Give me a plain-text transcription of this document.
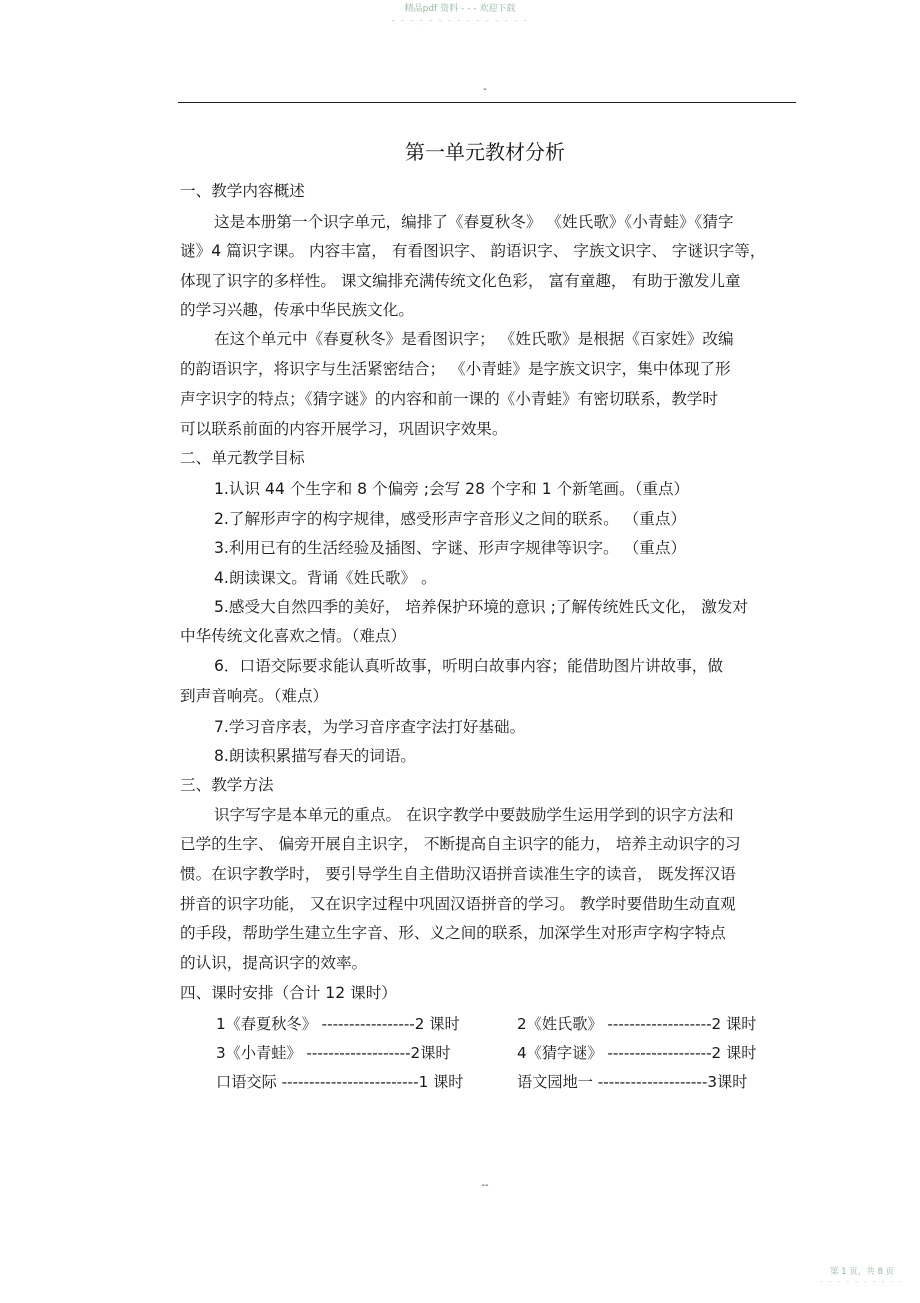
精品pdf 资料 - - - 欢迎下载
- - - - - - - - - - - - - - -
-
第一单元教材分析
一、教学内容概述
这是本册第一个识字单元，编排了《春夏秋冬》 《姓氏歌》《小青蛙》《猜字
谜》4 篇识字课。 内容丰富， 有看图识字、 韵语识字、 字族文识字、 字谜识字等，
体现了识字的多样性。 课文编排充满传统文化色彩， 富有童趣， 有助于激发儿童
的学习兴趣，传承中华民族文化。
在这个单元中《春夏秋冬》是看图识字； 《姓氏歌》是根据《百家姓》改编
的韵语识字，将识字与生活紧密结合； 《小青蛙》是字族文识字，集中体现了形
声字识字的特点；《猜字谜》的内容和前一课的《小青蛙》有密切联系，教学时
可以联系前面的内容开展学习，巩固识字效果。
二、单元教学目标
1.认识 44 个生字和 8 个偏旁 ;会写 28 个字和 1 个新笔画。（重点）
2.了解形声字的构字规律，感受形声字音形义之间的联系。 （重点）
3.利用已有的生活经验及插图、字谜、形声字规律等识字。 （重点）
4.朗读课文。背诵《姓氏歌》 。
5.感受大自然四季的美好， 培养保护环境的意识 ;了解传统姓氏文化， 激发对
中华传统文化喜欢之情。（难点）
6．口语交际要求能认真听故事，听明白故事内容；能借助图片讲故事，做
到声音响亮。（难点）
7.学习音序表，为学习音序查字法打好基础。
8.朗读积累描写春天的词语。
三、教学方法
识字写字是本单元的重点。 在识字教学中要鼓励学生运用学到的识字方法和
已学的生字、 偏旁开展自主识字， 不断提高自主识字的能力， 培养主动识字的习
惯。在识字教学时， 要引导学生自主借助汉语拼音读准生字的读音， 既发挥汉语
拼音的识字功能， 又在识字过程中巩固汉语拼音的学习。 教学时要借助生动直观
的手段，帮助学生建立生字音、形、义之间的联系，加深学生对形声字构字特点
的认识，提高识字的效率。
四、课时安排（合计 12 课时）
1《春夏秋冬》 -----------------2 课时	2《姓氏歌》 -------------------2 课时
3《小青蛙》 -------------------2课时	4《猜字谜》 -------------------2 课时
口语交际 -------------------------1 课时	语文园地一 --------------------3课时
--
第 1 页，共 8 页
- - - - - - - - - -
